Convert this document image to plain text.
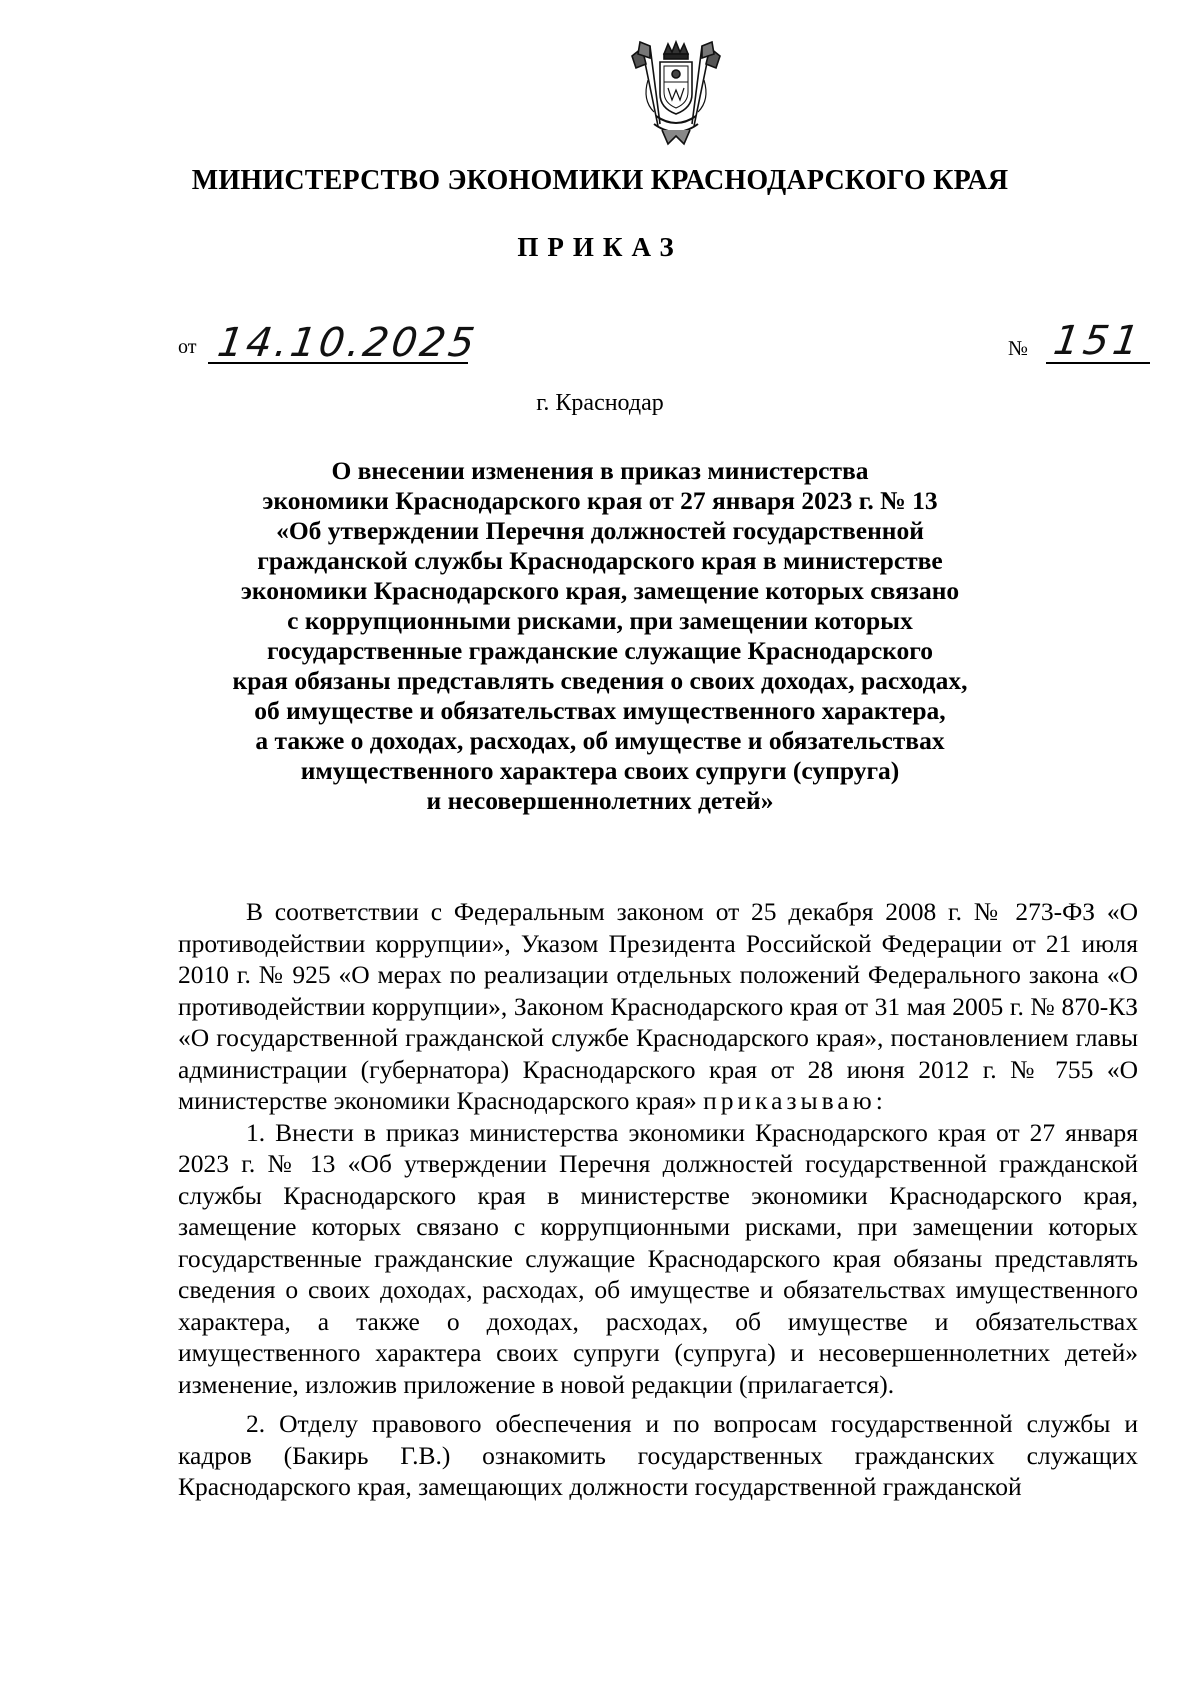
МИНИСТЕРСТВО ЭКОНОМИКИ КРАСНОДАРСКОГО КРАЯ
ПРИКАЗ
от 14.10.2025	№ 151
г. Краснодар
О внесении изменения в приказ министерства
экономики Краснодарского края от 27 января 2023 г. № 13
«Об утверждении Перечня должностей государственной
гражданской службы Краснодарского края в министерстве
экономики Краснодарского края, замещение которых связано
с коррупционными рисками, при замещении которых
государственные гражданские служащие Краснодарского
края обязаны представлять сведения о своих доходах, расходах,
об имуществе и обязательствах имущественного характера,
а также о доходах, расходах, об имуществе и обязательствах
имущественного характера своих супруги (супруга)
и несовершеннолетних детей»

В соответствии с Федеральным законом от 25 декабря 2008 г. № 273-ФЗ «О противодействии коррупции», Указом Президента Российской Федерации от 21 июля 2010 г. № 925 «О мерах по реализации отдельных положений Федерального закона «О противодействии коррупции», Законом Краснодарского края от 31 мая 2005 г. № 870-КЗ «О государственной гражданской службе Краснодарского края», постановлением главы администрации (губернатора) Краснодарского края от 28 июня 2012 г. № 755 «О министерстве экономики Краснодарского края» приказываю:

1. Внести в приказ министерства экономики Краснодарского края от 27 января 2023 г. № 13 «Об утверждении Перечня должностей государственной гражданской службы Краснодарского края в министерстве экономики Краснодарского края, замещение которых связано с коррупционными рисками, при замещении которых государственные гражданские служащие Краснодарского края обязаны представлять сведения о своих доходах, расходах, об имуществе и обязательствах имущественного характера, а также о доходах, расходах, об имуществе и обязательствах имущественного характера своих супруги (супруга) и несовершеннолетних детей» изменение, изложив приложение в новой редакции (прилагается).

2. Отделу правового обеспечения и по вопросам государственной службы и кадров (Бакирь Г.В.) ознакомить государственных гражданских служащих Краснодарского края, замещающих должности государственной гражданской
